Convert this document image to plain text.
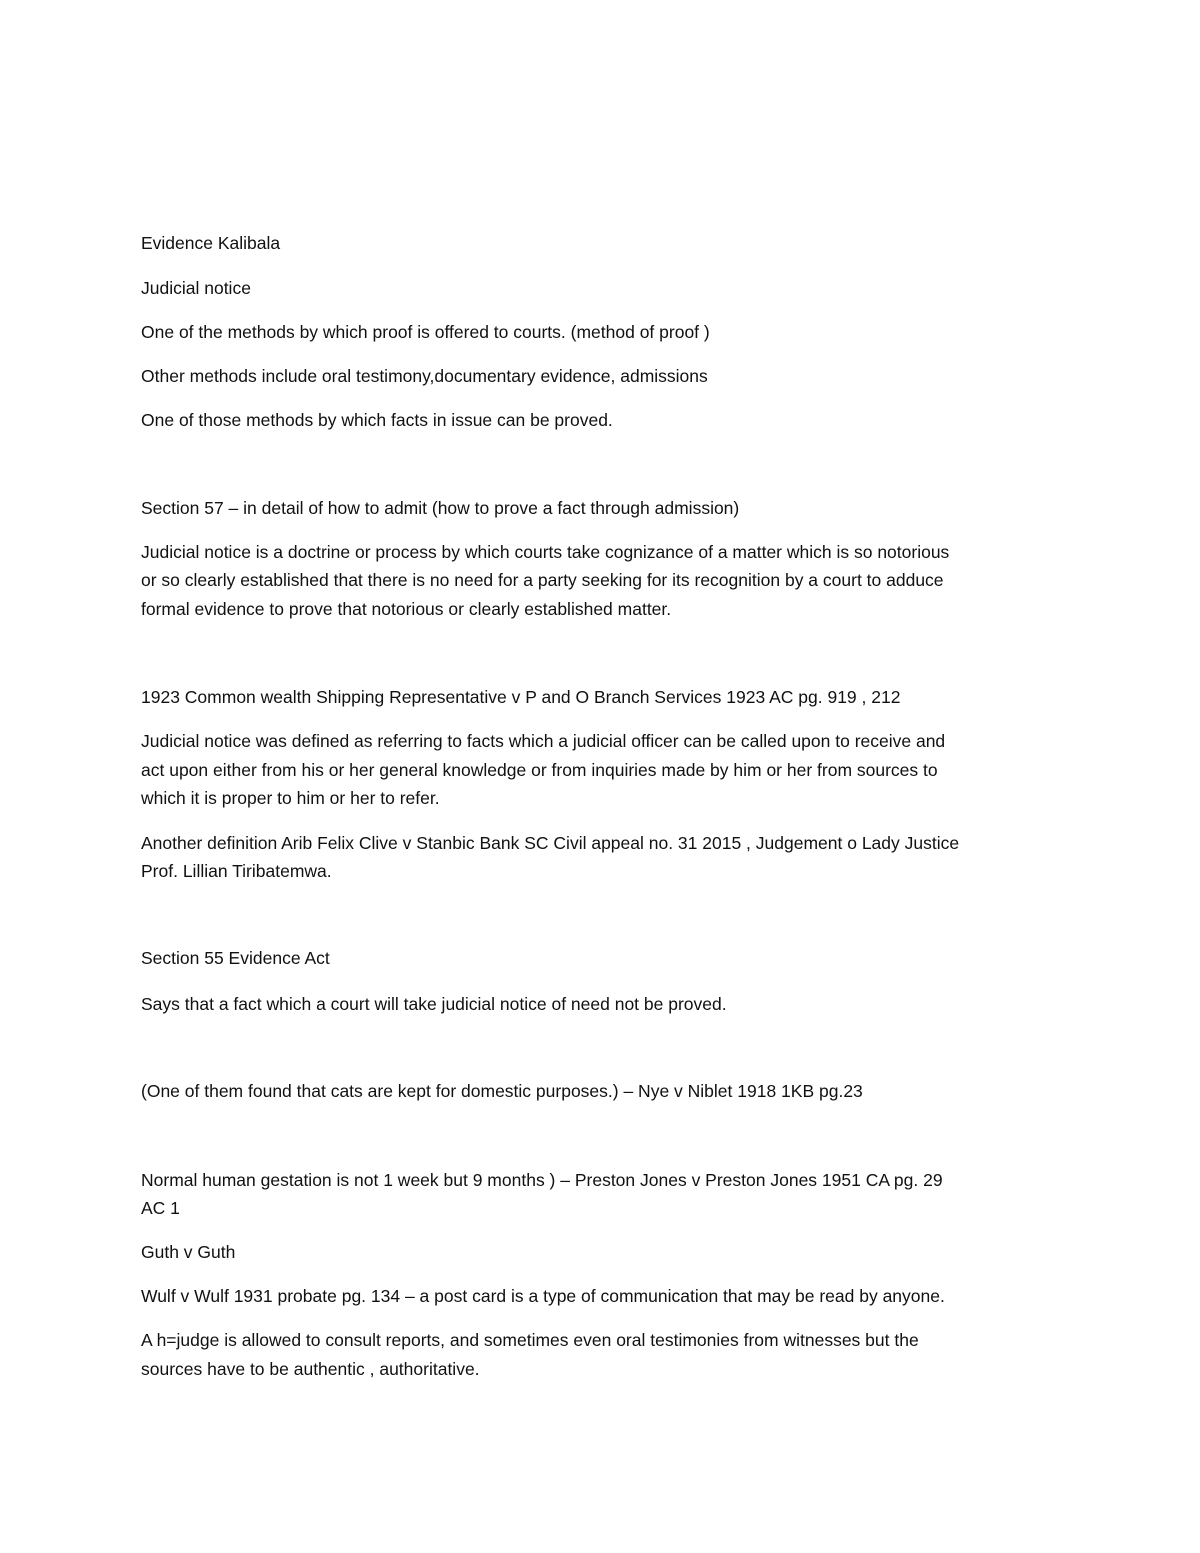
Evidence Kalibala

Judicial notice

One of the methods by which proof is offered to courts. (method of proof )

Other methods include oral testimony,documentary evidence, admissions

One of those methods by which facts in issue can be proved.

Section 57 – in detail of how to admit (how to prove a fact through admission)

Judicial notice is a doctrine or process by which courts take cognizance of a matter which is so notorious

or so clearly established that there is no need for a party seeking for its recognition by a court to adduce

formal evidence to prove that notorious or clearly established matter.

1923 Common wealth Shipping Representative v P and O Branch Services 1923 AC pg. 919 , 212

Judicial notice was defined as referring to facts which a judicial officer can be called upon to receive and

act upon either from his or her general knowledge or from inquiries made by him or her from sources to

which it is proper to him or her to refer.

Another definition Arib Felix Clive v Stanbic Bank SC Civil appeal no. 31 2015 , Judgement o Lady Justice

Prof. Lillian Tiribatemwa.

Section 55 Evidence Act

Says that a fact which a court will take judicial notice of need not be proved.

(One of them found that cats are kept for domestic purposes.) – Nye v Niblet 1918 1KB pg.23

Normal human gestation is not 1 week but 9 months ) – Preston Jones v Preston Jones 1951 CA pg. 29

AC 1

Guth v Guth

Wulf v Wulf 1931 probate pg. 134 – a post card is a type of communication that may be read by anyone.

A h=judge is allowed to consult reports, and sometimes even oral testimonies from witnesses but the

sources have to be authentic , authoritative.
